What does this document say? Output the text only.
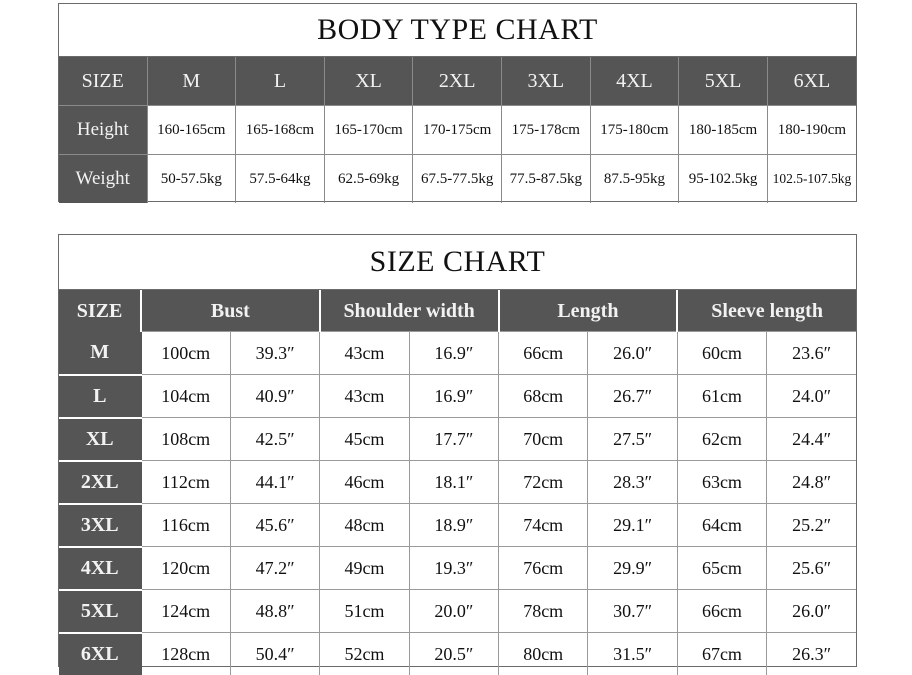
BODY TYPE CHART
SIZE	M	L	XL	2XL	3XL	4XL	5XL	6XL
Height	160-165cm	165-168cm	165-170cm	170-175cm	175-178cm	175-180cm	180-185cm	180-190cm
Weight	50-57.5kg	57.5-64kg	62.5-69kg	67.5-77.5kg	77.5-87.5kg	87.5-95kg	95-102.5kg	102.5-107.5kg
SIZE CHART
SIZE	Bust		Shoulder width		Length		Sleeve length	
M	100cm	39.3″	43cm	16.9″	66cm	26.0″	60cm	23.6″
L	104cm	40.9″	43cm	16.9″	68cm	26.7″	61cm	24.0″
XL	108cm	42.5″	45cm	17.7″	70cm	27.5″	62cm	24.4″
2XL	112cm	44.1″	46cm	18.1″	72cm	28.3″	63cm	24.8″
3XL	116cm	45.6″	48cm	18.9″	74cm	29.1″	64cm	25.2″
4XL	120cm	47.2″	49cm	19.3″	76cm	29.9″	65cm	25.6″
5XL	124cm	48.8″	51cm	20.0″	78cm	30.7″	66cm	26.0″
6XL	128cm	50.4″	52cm	20.5″	80cm	31.5″	67cm	26.3″
